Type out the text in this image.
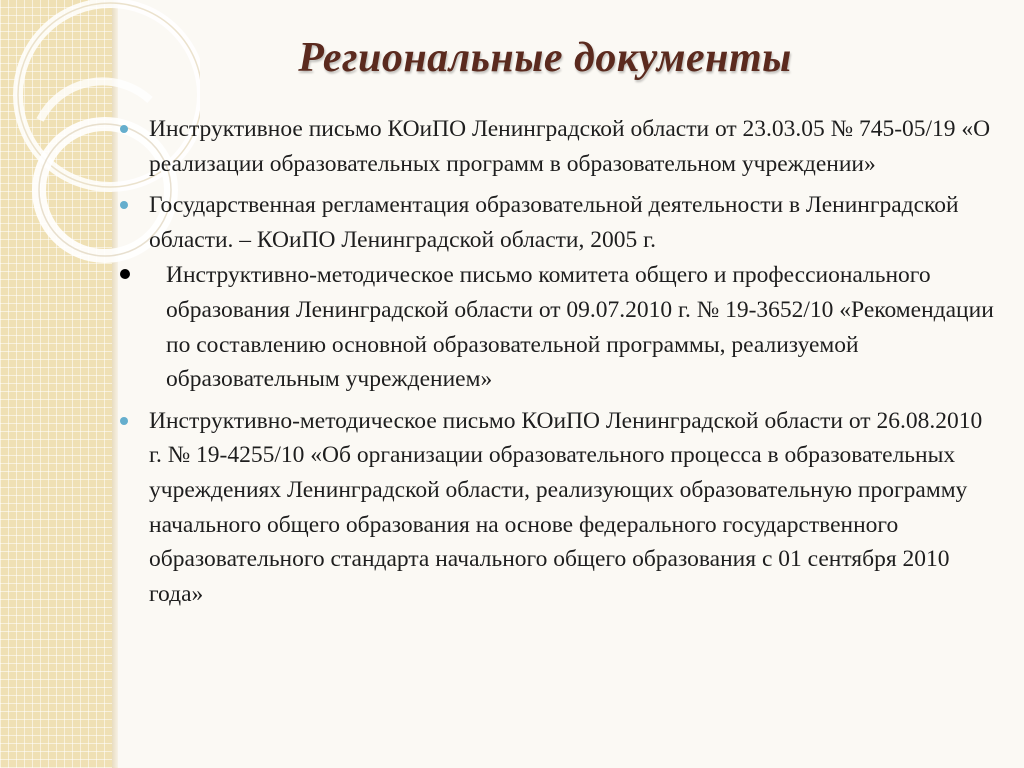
Региональные документы
Инструктивное письмо КОиПО Ленинградской области от 23.03.05 № 745-05/19 «О реализации образовательных программ в образовательном учреждении»
Государственная регламентация образовательной деятельности в Ленинградской области. – КОиПО Ленинградской области, 2005 г.
Инструктивно-методическое письмо комитета общего и профессионального образования Ленинградской области от 09.07.2010 г. № 19-3652/10 «Рекомендации по составлению основной образовательной программы, реализуемой образовательным учреждением»
Инструктивно-методическое письмо КОиПО Ленинградской области от 26.08.2010 г. № 19-4255/10 «Об организации образовательного процесса в образовательных учреждениях Ленинградской области, реализующих образовательную программу начального общего образования на основе федерального государственного образовательного стандарта начального общего образования с 01 сентября 2010 года»
